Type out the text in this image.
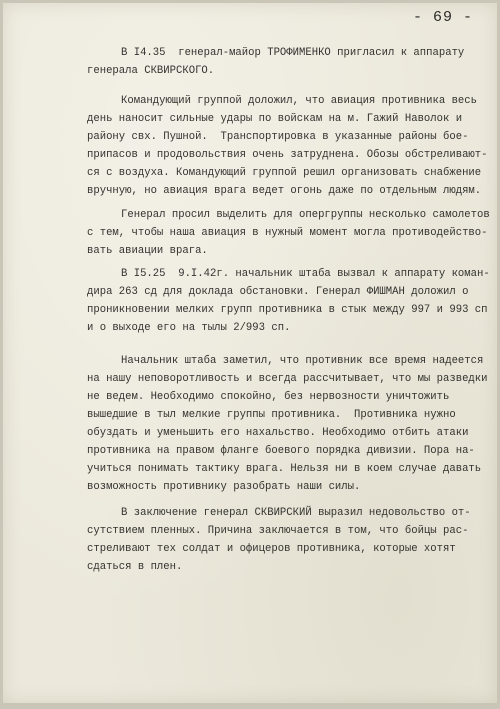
- 69 -
В I4.35  генерал-майор ТРОФИМЕНКО пригласил к аппарату
генерала СКВИРСКОГО.
Командующий группой доложил, что авиация противника весь
день наносит сильные удары по войскам на м. Гажий Наволок и
району свх. Пушной.  Транспортировка в указанные районы бое-
припасов и продовольствия очень затруднена. Обозы обстреливают-
ся с воздуха. Командующий группой решил организовать снабжение
вручную, но авиация врага ведет огонь даже по отдельным людям.
Генерал просил выделить для опергруппы несколько самолетов
с тем, чтобы наша авиация в нужный момент могла противодейство-
вать авиации врага.
В I5.25  9.I.42г. начальник штаба вызвал к аппарату коман-
дира 263 сд для доклада обстановки. Генерал ФИШМАН доложил о
проникновении мелких групп противника в стык между 997 и 993 сп
и о выходе его на тылы 2/993 сп.
Начальник штаба заметил, что противник все время надеется
на нашу неповоротливость и всегда рассчитывает, что мы разведки
не ведем. Необходимо спокойно, без нервозности уничтожить
вышедшие в тыл мелкие группы противника.  Противника нужно
обуздать и уменьшить его нахальство. Необходимо отбить атаки
противника на правом фланге боевого порядка дивизии. Пора на-
учиться понимать тактику врага. Нельзя ни в коем случае давать
возможность противнику разобрать наши силы.
В заключение генерал СКВИРСКИЙ выразил недовольство от-
сутствием пленных. Причина заключается в том, что бойцы рас-
стреливают тех солдат и офицеров противника, которые хотят
сдаться в плен.
